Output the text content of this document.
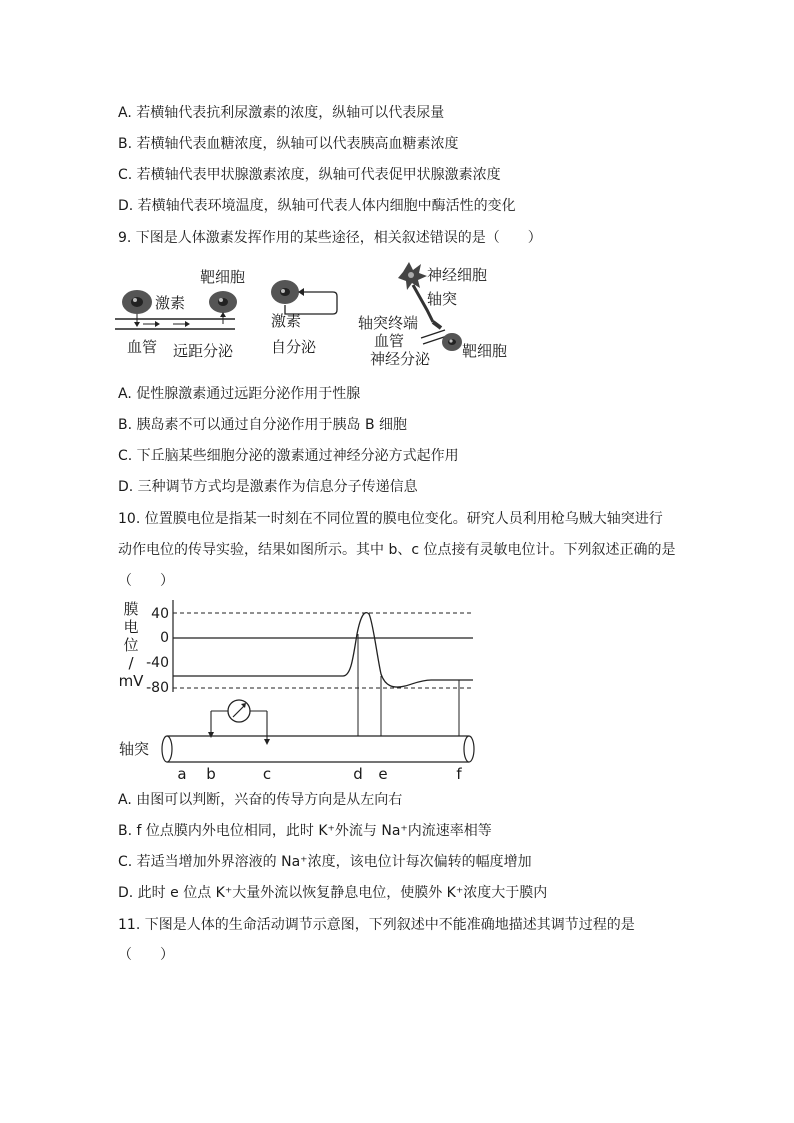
A. 若横轴代表抗利尿激素的浓度，纵轴可以代表尿量
B. 若横轴代表血糖浓度，纵轴可以代表胰高血糖素浓度
C. 若横轴代表甲状腺激素浓度，纵轴可代表促甲状腺激素浓度
D. 若横轴代表环境温度，纵轴可代表人体内细胞中酶活性的变化
9. 下图是人体激素发挥作用的某些途径，相关叙述错误的是（　　）
靶细胞
激素
血管 远距分泌
激素
自分泌
神经细胞
轴突
轴突终端
血管
神经分泌 靶细胞
A. 促性腺激素通过远距分泌作用于性腺
B. 胰岛素不可以通过自分泌作用于胰岛 B 细胞
C. 下丘脑某些细胞分泌的激素通过神经分泌方式起作用
D. 三种调节方式均是激素作为信息分子传递信息
10. 位置膜电位是指某一时刻在不同位置的膜电位变化。研究人员利用枪乌贼大轴突进行
动作电位的传导实验，结果如图所示。其中 b、c 位点接有灵敏电位计。下列叙述正确的是
（　　）
膜
电
位
/
mV
40
0
-40
-80
轴突
a b	c	d e	f
A. 由图可以判断，兴奋的传导方向是从左向右
B. f 位点膜内外电位相同，此时 K⁺外流与 Na⁺内流速率相等
C. 若适当增加外界溶液的 Na⁺浓度，该电位计每次偏转的幅度增加
D. 此时 e 位点 K⁺大量外流以恢复静息电位，使膜外 K⁺浓度大于膜内
11. 下图是人体的生命活动调节示意图，下列叙述中不能准确地描述其调节过程的是
（　　）
